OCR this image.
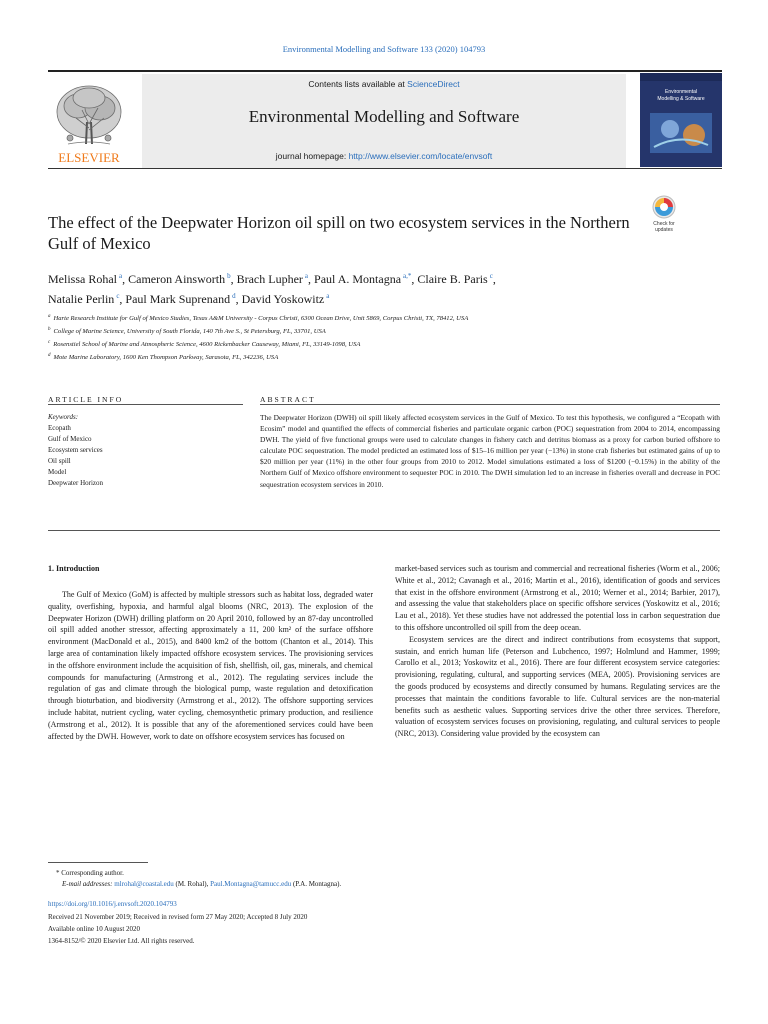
Environmental Modelling and Software 133 (2020) 104793
ELSEVIER
Contents lists available at ScienceDirect
Environmental Modelling and Software
journal homepage: http://www.elsevier.com/locate/envsoft
Environmental
Modelling & Software
The effect of the Deepwater Horizon oil spill on two ecosystem services in the Northern Gulf of Mexico
Check for
updates
Melissa Rohal $^a$, Cameron Ainsworth $^b$, Brach Lupher $^a$, Paul A. Montagna $^{a,*}$, Claire B. Paris $^c$,
Natalie Perlin $^c$, Paul Mark Suprenand $^d$, David Yoskowitz $^a$
$^a$ Harte Research Institute for Gulf of Mexico Studies, Texas A&M University - Corpus Christi, 6300 Ocean Drive, Unit 5869, Corpus Christi, TX, 78412, USA
$^b$ College of Marine Science, University of South Florida, 140 7th Ave S., St Petersburg, FL, 33701, USA
$^c$ Rosenstiel School of Marine and Atmospheric Science, 4600 Rickenbacker Causeway, Miami, FL, 33149-1098, USA
$^d$ Mote Marine Laboratory, 1600 Ken Thompson Parkway, Sarasota, FL, 342236, USA
ARTICLE INFO	ABSTRACT
Keywords:
Ecopath
Gulf of Mexico
Ecosystem services
Oil spill
Model
Deepwater Horizon
The Deepwater Horizon (DWH) oil spill likely affected ecosystem services in the Gulf of Mexico. To test this hypothesis, we configured a “Ecopath with Ecosim” model and quantified the effects of commercial fisheries and particulate organic carbon (POC) sequestration from 2004 to 2014, encompassing DWH. The yield of five functional groups were used to calculate changes in fishery catch and detritus biomass as a proxy for carbon buried offshore to calculate POC sequestration. The model predicted an estimated loss of $15–16 million per year (−13%) in stone crab fisheries but estimated gains of up to $20 million per year (11%) in the other four groups from 2010 to 2012. Model simulations estimated a loss of $1200 (−0.15%) in the ability of the Northern Gulf of Mexico offshore environment to sequester POC in 2010. The DWH simulation led to an increase in fisheries overall and decrease in POC sequestration ecosystem services in 2010.
1. Introduction

The Gulf of Mexico (GoM) is affected by multiple stressors such as habitat loss, degraded water quality, overfishing, hypoxia, and harmful algal blooms (NRC, 2013). The explosion of the Deepwater Horizon (DWH) drilling platform on 20 April 2010, followed by an 87-day uncontrolled oil spill added another stressor, affecting approximately a 11, 200 km² of the surface offshore environment (MacDonald et al., 2015), and 8400 km2 of the bottom (Chanton et al., 2014). This large area of contamination likely impacted offshore ecosystem services. The provisioning services in the offshore environment include the acquisition of fish, shellfish, oil, gas, minerals, and chemical compounds for manufacturing (Armstrong et al., 2012). The regulating services include the regulation of gas and climate through the biological pump, waste regulation and detoxification through bioturbation, and biodiversity (Armstrong et al., 2012). The offshore supporting services include habitat, nutrient cycling, water cycling, chemosynthetic primary production, and resilience (Armstrong et al., 2012). It is possible that any of the aforementioned services could have been affected by the DWH. However, work to date on offshore ecosystem services has focused on

market-based services such as tourism and commercial and recreational fisheries (Worm et al., 2006; White et al., 2012; Cavanagh et al., 2016; Martin et al., 2016), identification of goods and services that exist in the offshore environment (Armstrong et al., 2010; Werner et al., 2014; Barbier, 2017), and assessing the value that stakeholders place on specific offshore services (Yoskowitz et al., 2016; Lau et al., 2018). Yet these studies have not addressed the potential loss in carbon sequestration due to this offshore uncontrolled oil spill from the deep ocean.

Ecosystem services are the direct and indirect contributions from ecosystems that support, sustain, and enrich human life (Peterson and Lubchenco, 1997; Holmlund and Hammer, 1999; Carollo et al., 2013; Yoskowitz et al., 2016). There are four different ecosystem service categories: provisioning, regulating, cultural, and supporting services (MEA, 2005). Provisioning services are the goods produced by ecosystems and directly consumed by humans. Regulating services are the processes that maintain the conditions favorable to life. Cultural services are the non-material benefits such as aesthetic values. Supporting services drive the other three services. Therefore, valuation of ecosystem services focuses on provisioning, regulating, and cultural services to people (NRC, 2013). Considering value provided by the ecosystem can

* Corresponding author.
E-mail addresses: mlrohal@coastal.edu (M. Rohal), Paul.Montagna@tamucc.edu (P.A. Montagna).
https://doi.org/10.1016/j.envsoft.2020.104793
Received 21 November 2019; Received in revised form 27 May 2020; Accepted 8 July 2020
Available online 10 August 2020
1364-8152/© 2020 Elsevier Ltd. All rights reserved.
